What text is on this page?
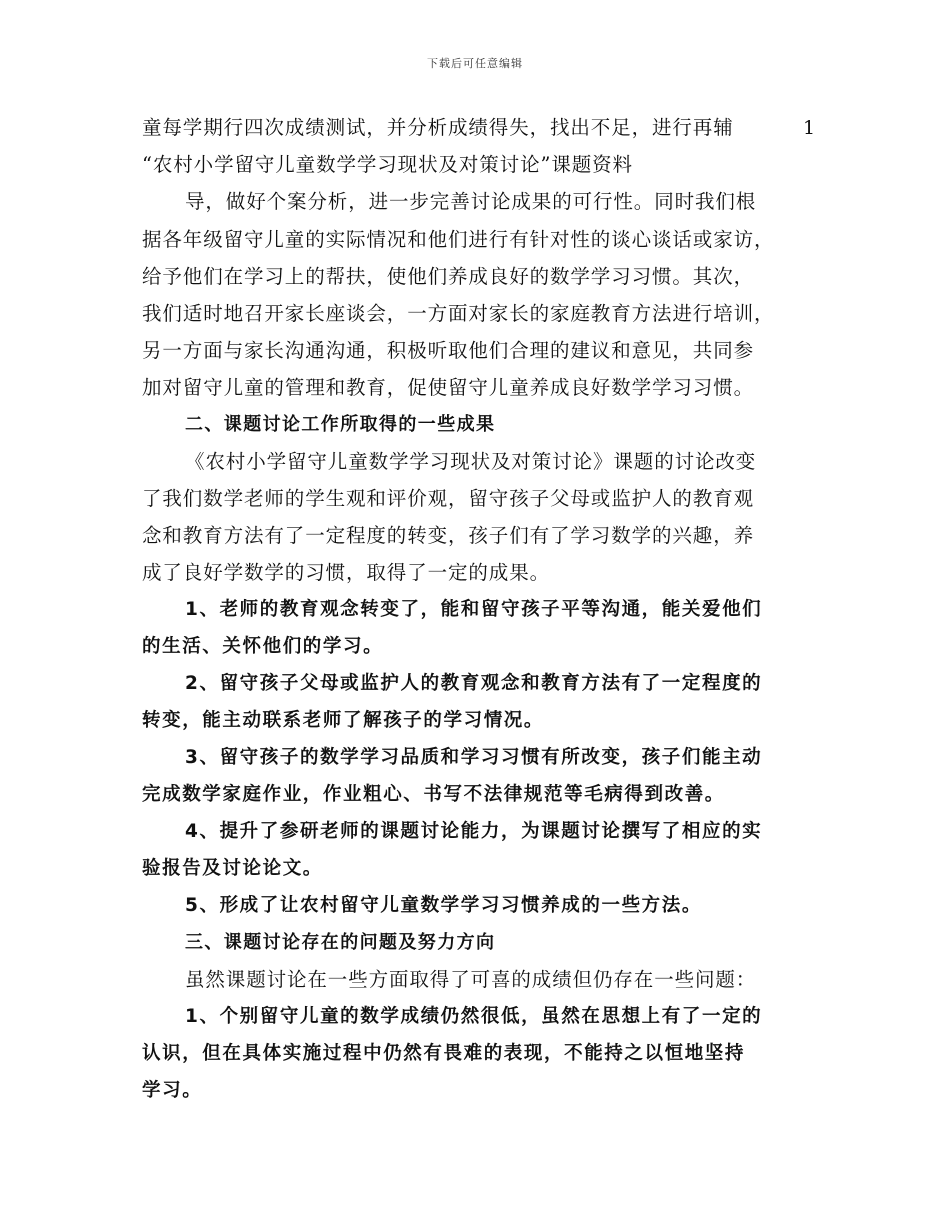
下载后可任意编辑
童每学期行四次成绩测试，并分析成绩得失，找出不足，进行再辅	1
“农村小学留守儿童数学学习现状及对策讨论”课题资料
导，做好个案分析，进一步完善讨论成果的可行性。同时我们根
据各年级留守儿童的实际情况和他们进行有针对性的谈心谈话或家访，
给予他们在学习上的帮扶，使他们养成良好的数学学习习惯。其次，
我们适时地召开家长座谈会，一方面对家长的家庭教育方法进行培训，
另一方面与家长沟通沟通，积极听取他们合理的建议和意见，共同参
加对留守儿童的管理和教育，促使留守儿童养成良好数学学习习惯。
二、课题讨论工作所取得的一些成果
《农村小学留守儿童数学学习现状及对策讨论》课题的讨论改变
了我们数学老师的学生观和评价观，留守孩子父母或监护人的教育观
念和教育方法有了一定程度的转变，孩子们有了学习数学的兴趣，养
成了良好学数学的习惯，取得了一定的成果。
1、老师的教育观念转变了，能和留守孩子平等沟通，能关爱他们
的生活、关怀他们的学习。
2、留守孩子父母或监护人的教育观念和教育方法有了一定程度的
转变，能主动联系老师了解孩子的学习情况。
3、留守孩子的数学学习品质和学习习惯有所改变，孩子们能主动
完成数学家庭作业，作业粗心、书写不法律规范等毛病得到改善。
4、提升了参研老师的课题讨论能力，为课题讨论撰写了相应的实
验报告及讨论论文。
5、形成了让农村留守儿童数学学习习惯养成的一些方法。
三、课题讨论存在的问题及努力方向
虽然课题讨论在一些方面取得了可喜的成绩但仍存在一些问题：
1、个别留守儿童的数学成绩仍然很低，虽然在思想上有了一定的
认识，但在具体实施过程中仍然有畏难的表现，不能持之以恒地坚持
学习。
